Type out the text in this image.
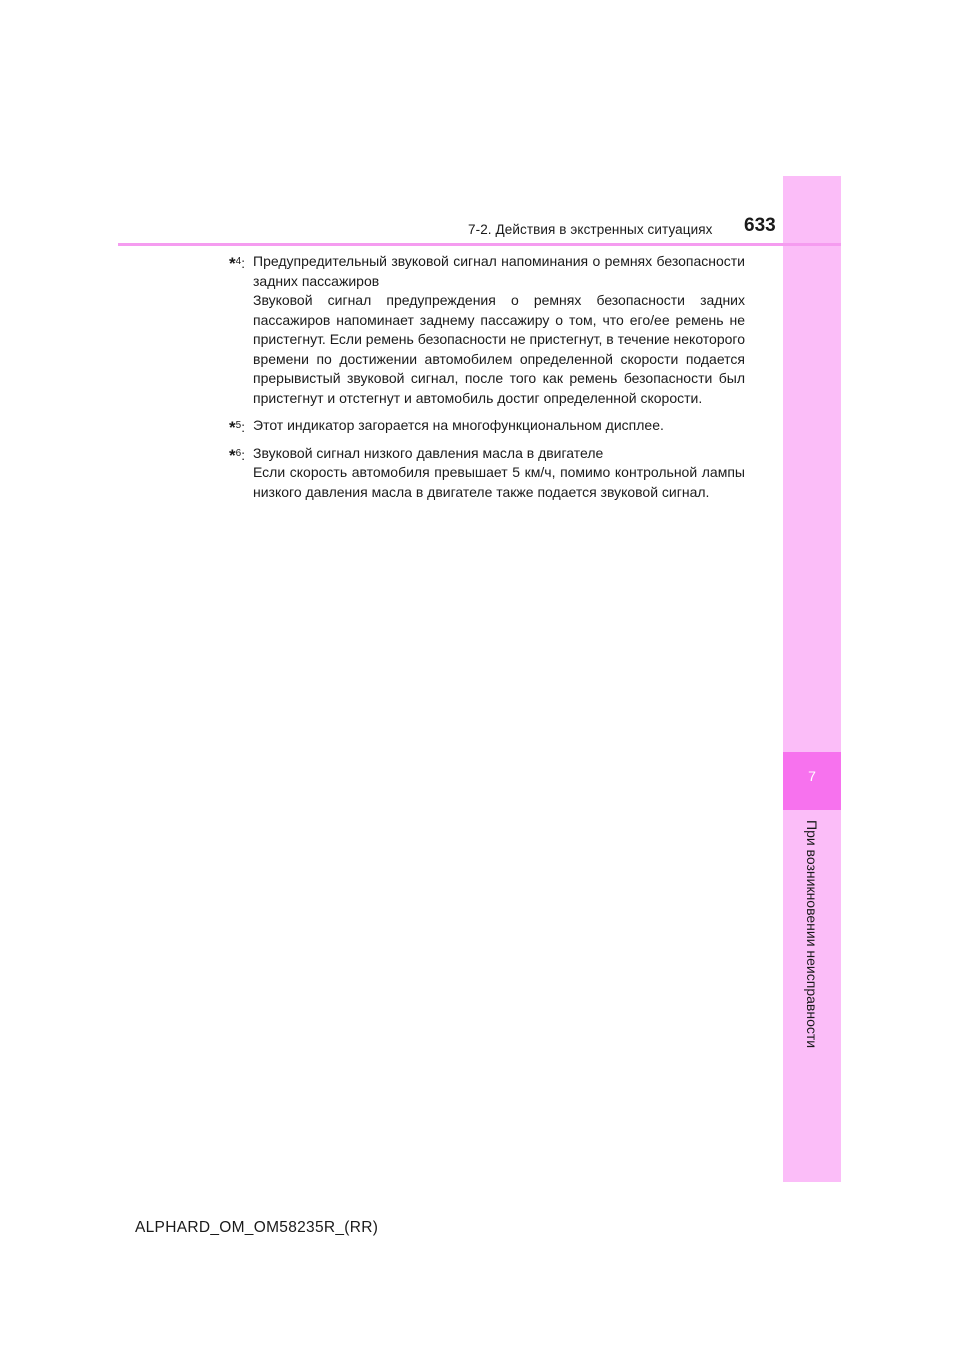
7
При возникновении неисправности
7-2. Действия в экстренных ситуациях 633
*$^4$: Предупредительный звуковой сигнал напоминания о ремнях безопасности
задних пассажиров
Звуковой сигнал предупреждения о ремнях безопасности задних пассажиров напоминает заднему пассажиру о том, что его/ее ремень не пристегнут. Если ремень безопасности не пристегнут, в течение некоторого времени по достижении автомобилем определенной скорости подается прерывистый звуковой сигнал, после того как ремень безопасности был пристегнут и отстегнут и автомобиль достиг определенной скорости.
*$^5$: Этот индикатор загорается на многофункциональном дисплее.
*$^6$: Звуковой сигнал низкого давления масла в двигателе
Если скорость автомобиля превышает 5 км/ч, помимо контрольной лампы низкого давления масла в двигателе также подается звуковой сигнал.
ALPHARD_OM_OM58235R_(RR)
